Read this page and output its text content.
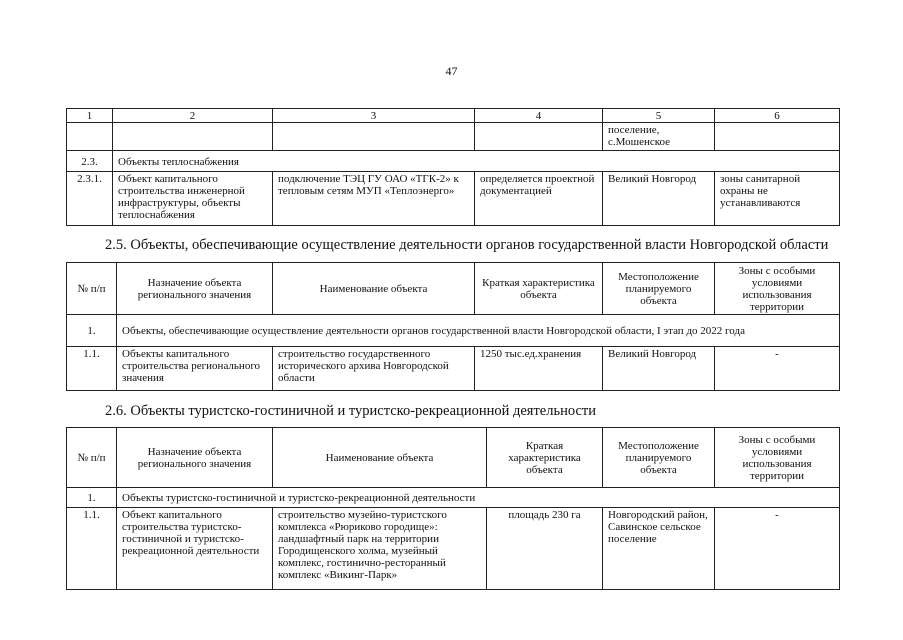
47
1	2	3	4	5	6
				поселение, с.Мошенское	
2.3.	Объекты теплоснабжения				
2.3.1.	Объект капитального строительства инженерной инфраструктуры, объекты теплоснабжения	подключение ТЭЦ ГУ ОАО «ТГК-2» к тепловым сетям МУП «Теплоэнерго»	определяется проектной документацией	Великий Новгород	зоны санитарной охраны не устанавливаются
2.5. Объекты, обеспечивающие осуществление деятельности органов государственной власти Новгородской области
№ п/п	Назначение объекта регионального значения	Наименование объекта	Краткая характеристика объекта	Местоположение планируемого объекта	Зоны с особыми условиями использования территории
1.	Объекты, обеспечивающие осуществление деятельности органов государственной власти Новгородской области, I этап до 2022 года				
1.1.	Объекты капитального строительства регионального значения	строительство государственного исторического архива Новгородской области	1250 тыс.ед.хранения	Великий Новгород	-
2.6. Объекты туристско-гостиничной и туристско-рекреационной деятельности
№ п/п	Назначение объекта регионального значения	Наименование объекта	Краткая характеристика объекта	Местоположение планируемого объекта	Зоны с особыми условиями использования территории
1.	Объекты туристско-гостиничной и туристско-рекреационной деятельности				
1.1.	Объект капитального строительства туристско-гостиничной и туристско-рекреационной деятельности	строительство музейно-туристского комплекса «Рюриково городище»: ландшафтный парк на территории Городищенского холма, музейный комплекс, гостинично-ресторанный комплекс «Викинг-Парк»	площадь 230 га	Новгородский район, Савинское сельское поселение	-
